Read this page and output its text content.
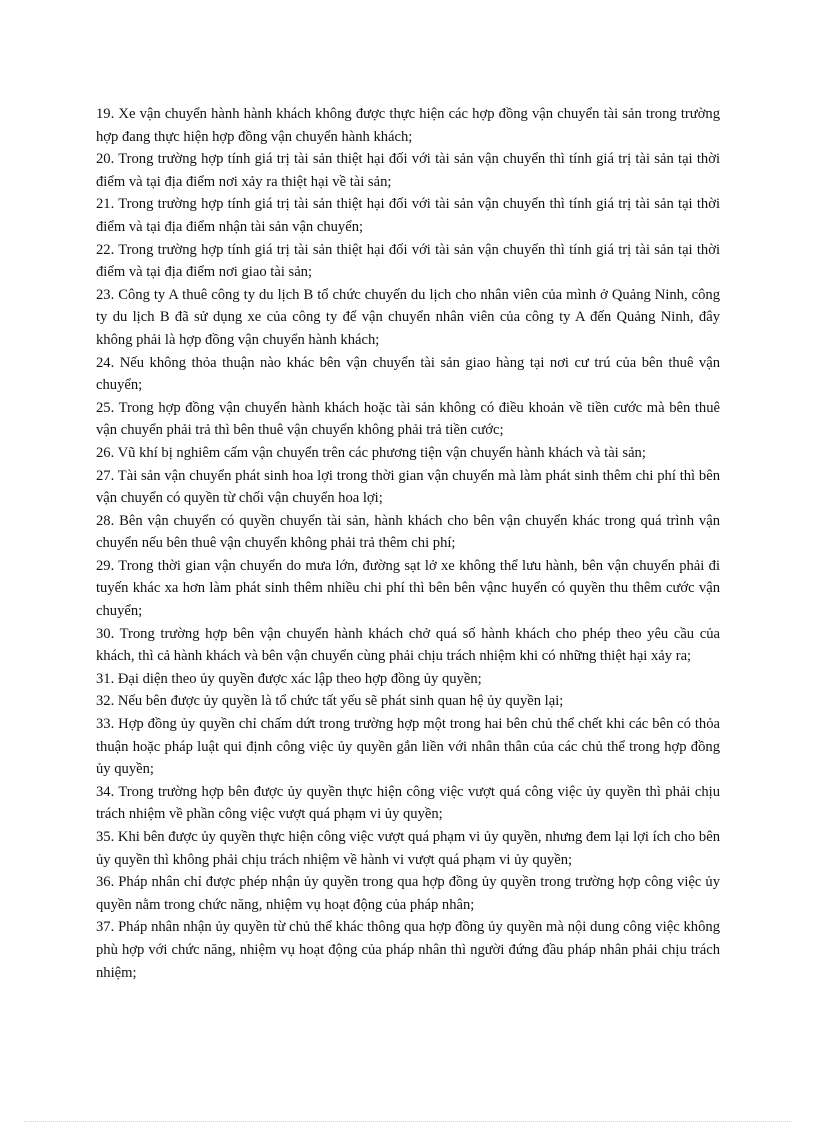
19. Xe vận chuyển hành hành khách không được thực hiện các hợp đồng vận chuyển tài sản trong trường hợp đang thực hiện hợp đồng vận chuyển hành khách;

20. Trong trường hợp tính giá trị tài sản thiệt hại đối với tài sản vận chuyển thì tính giá trị tài sản tại thời điểm và tại địa điểm nơi xảy ra thiệt hại về tài sản;

21. Trong trường hợp tính giá trị tài sản thiệt hại đối với tài sản vận chuyển thì tính giá trị tài sản tại thời điểm và tại địa điểm nhận tài sản vận chuyển;

22. Trong trường hợp tính giá trị tài sản thiệt hại đối với tài sản vận chuyển thì tính giá trị tài sản tại thời điểm và tại địa điểm nơi giao tài sản;

23. Công ty A thuê công ty du lịch B tổ chức chuyến du lịch cho nhân viên của mình ở Quảng Ninh, công ty du lịch B đã sử dụng xe của công ty để vận chuyển nhân viên của công ty A đến Quảng Ninh, đây không phải là hợp đồng vận chuyển hành khách;

24. Nếu không thỏa thuận nào khác bên vận chuyển tài sản giao hàng tại nơi cư trú của bên thuê vận chuyển;

25. Trong hợp đồng vận chuyển hành khách hoặc tài sản không có điều khoản về tiền cước mà bên thuê vận chuyển phải trả thì bên thuê vận chuyển không phải trả tiền cước;

26. Vũ khí bị nghiêm cấm vận chuyển trên các phương tiện vận chuyển hành khách và tài sản;

27. Tài sản vận chuyển phát sinh hoa lợi trong thời gian vận chuyển mà làm phát sinh thêm chi phí thì bên vận chuyển có quyền từ chối vận chuyển hoa lợi;

28. Bên vận chuyển có quyền chuyển tài sản, hành khách cho bên vận chuyển khác trong quá trình vận chuyển nếu bên thuê vận chuyển không phải trả thêm chi phí;

29. Trong thời gian vận chuyển do mưa lớn, đường sạt lở xe không thể lưu hành, bên vận chuyển phải đi tuyến khác xa hơn làm phát sinh thêm nhiều chi phí thì bên bên vậnc huyển có quyền thu thêm cước vận chuyển;

30. Trong trường hợp bên vận chuyển hành khách chở quá số hành khách cho phép theo yêu cầu của khách, thì cả hành khách và bên vận chuyển cùng phải chịu trách nhiệm khi có những thiệt hại xảy ra;

31. Đại diện theo ủy quyền được xác lập theo hợp đồng ủy quyền;

32. Nếu bên được ủy quyền là tổ chức tất yếu sẽ phát sinh quan hệ ủy quyền lại;

33. Hợp đồng ủy quyền chỉ chấm dứt trong trường hợp một trong hai bên chủ thể chết khi các bên có thỏa thuận hoặc pháp luật qui định công việc ủy quyền gắn liền với nhân thân của các chủ thể trong hợp đồng ủy quyền;

34. Trong trường hợp bên được ủy quyền thực hiện công việc vượt quá công việc ủy quyền thì phải chịu trách nhiệm về phần công việc vượt quá phạm vi ủy quyền;

35. Khi bên được ủy quyền thực hiện công việc vượt quá phạm vi ủy quyền, nhưng đem lại lợi ích cho bên ủy quyền thì không phải chịu trách nhiệm về hành vi vượt quá phạm vi ủy quyền;

36. Pháp nhân chỉ được phép nhận ủy quyền trong qua hợp đồng ủy quyền trong trường hợp công việc ủy quyền nằm trong chức năng, nhiệm vụ hoạt động của pháp nhân;

37. Pháp nhân nhận ủy quyền từ chủ thể khác thông qua hợp đồng ủy quyền mà nội dung công việc không phù hợp với chức năng, nhiệm vụ hoạt động của pháp nhân thì người đứng đầu pháp nhân phải chịu trách nhiệm;
